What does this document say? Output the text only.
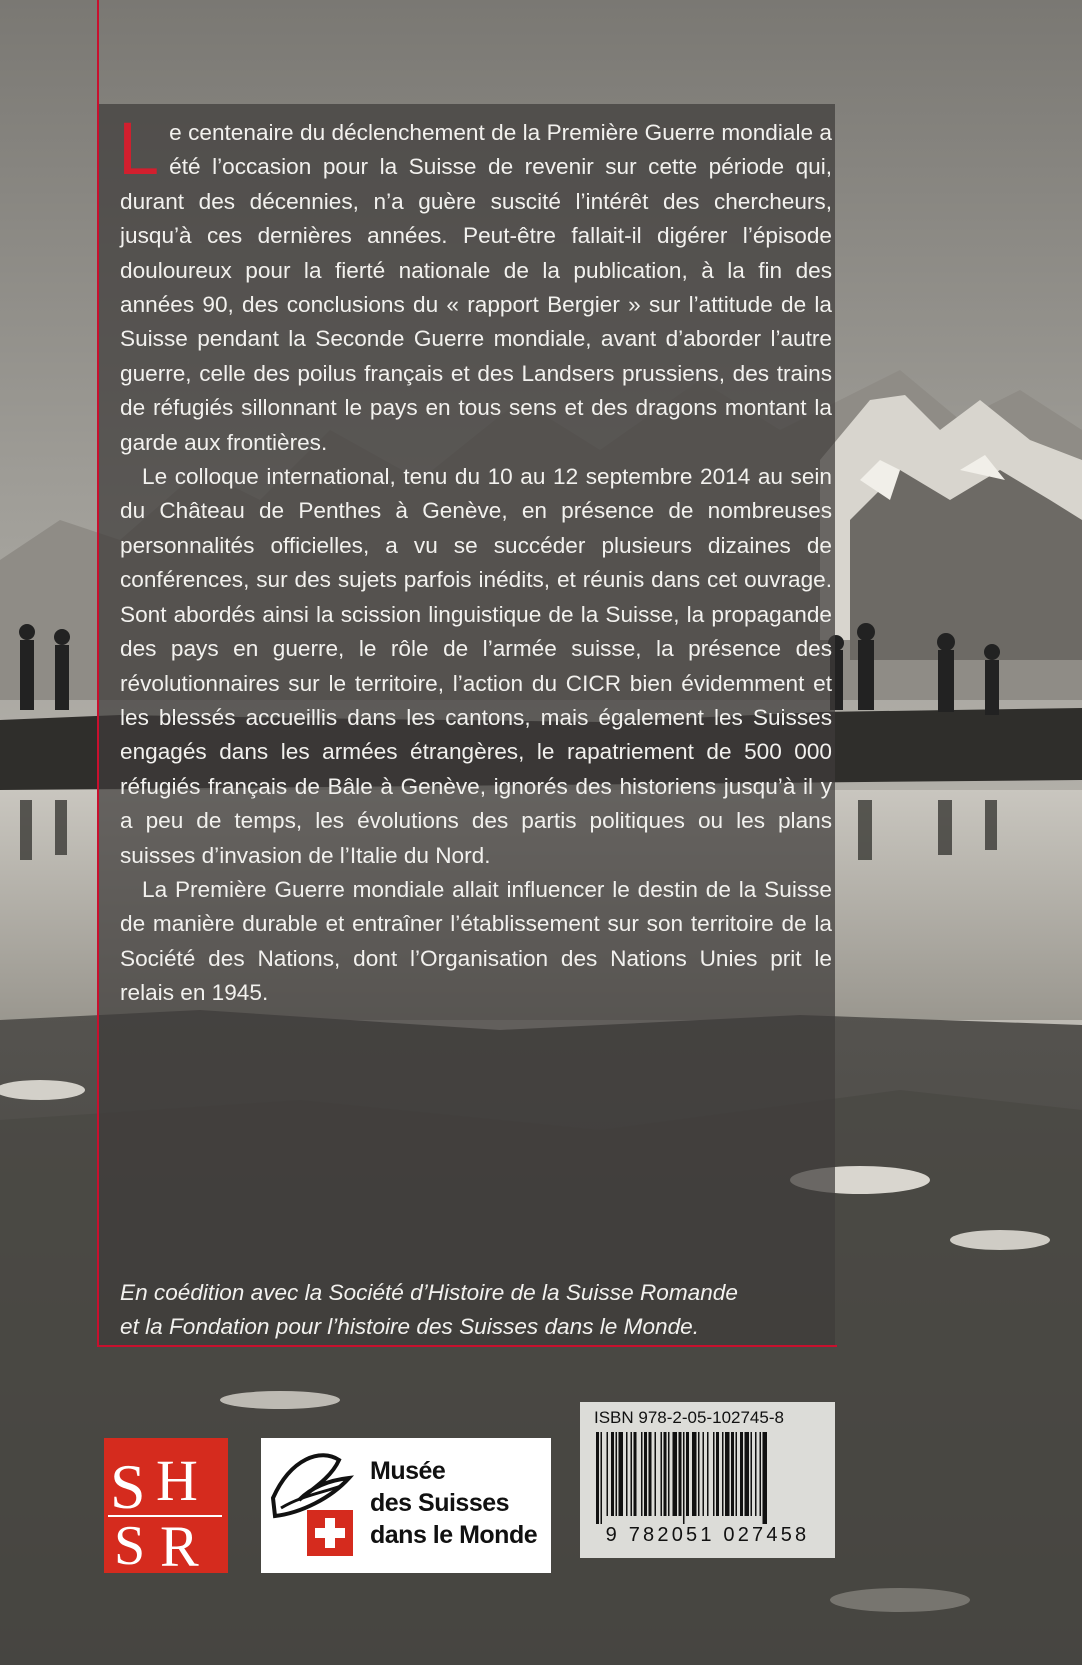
Le centenaire du déclenchement de la Première Guerre mondiale a été l’occasion pour la Suisse de revenir sur cette période qui, durant des décennies, n’a guère suscité l’intérêt des chercheurs, jusqu’à ces dernières années. Peut-être fallait-il digérer l’épisode douloureux pour la fierté nationale de la publication, à la fin des années 90, des conclusions du « rapport Bergier » sur l’attitude de la Suisse pendant la Seconde Guerre mondiale, avant d’aborder l’autre guerre, celle des poilus français et des Landsers prussiens, des trains de réfugiés sillonnant le pays en tous sens et des dragons montant la garde aux frontières.

Le colloque international, tenu du 10 au 12 septembre 2014 au sein du Château de Penthes à Genève, en présence de nombreuses personnalités officielles, a vu se succéder plusieurs dizaines de conférences, sur des sujets parfois inédits, et réunis dans cet ouvrage. Sont abordés ainsi la scission linguistique de la Suisse, la propagande des pays en guerre, le rôle de l’armée suisse, la présence des révolutionnaires sur le territoire, l’action du CICR bien évidemment et les blessés accueillis dans les cantons, mais également les Suisses engagés dans les armées étrangères, le rapatriement de 500 000 réfugiés français de Bâle à Genève, ignorés des historiens jusqu’à il y a peu de temps, les évolutions des partis politiques ou les plans suisses d’invasion de l’Italie du Nord.

La Première Guerre mondiale allait influencer le destin de la Suisse de manière durable et entraîner l’établissement sur son territoire de la Société des Nations, dont l’Organisation des Nations Unies prit le relais en 1945.

En coédition avec la Société d’Histoire de la Suisse Romande
et la Fondation pour l’histoire des Suisses dans le Monde.
S H
S R
Musée
des Suisses
dans le Monde
ISBN 978-2-05-102745-8
9 782051 027458
